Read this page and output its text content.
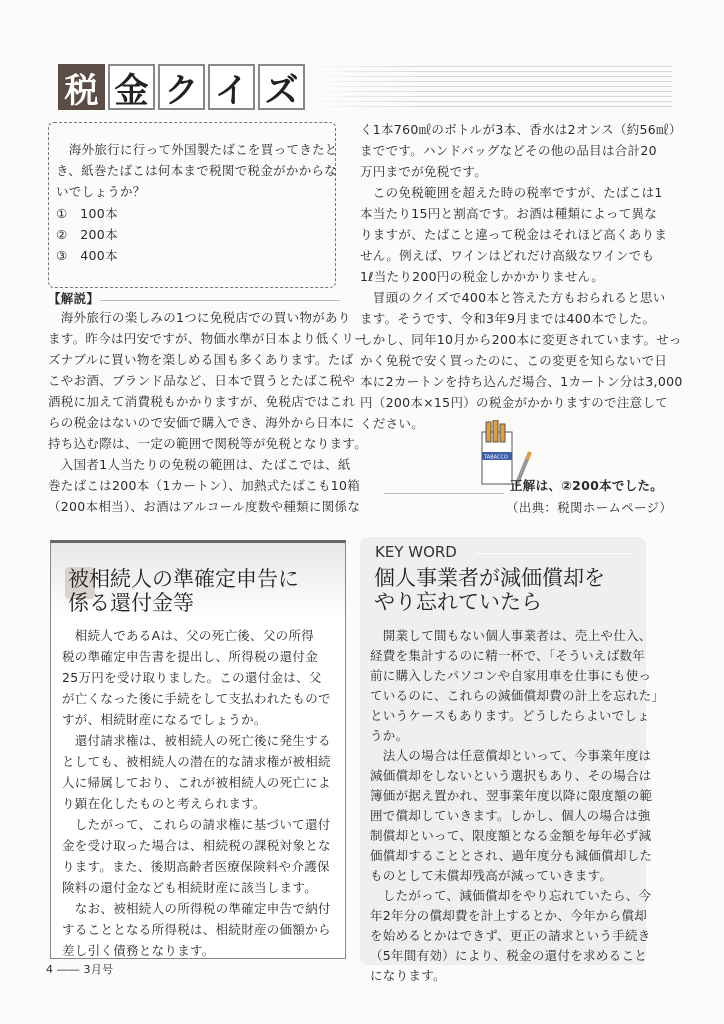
税 金 ク イ ズ
　海外旅行に行って外国製たばこを買ってきたと
き、紙巻たばこは何本まで税関で税金がかからな
いでしょうか？
①　100本
②　200本
③　400本
【解説】
　海外旅行の楽しみの1つに免税店での買い物があり
ます。昨今は円安ですが、物価水準が日本より低くリー
ズナブルに買い物を楽しめる国も多くあります。たば
こやお酒、ブランド品など、日本で買うとたばこ税や
酒税に加えて消費税もかかりますが、免税店ではこれ
らの税金はないので安価で購入でき、海外から日本に
持ち込む際は、一定の範囲で関税等が免税となります。
　入国者1人当たりの免税の範囲は、たばこでは、紙
巻たばこは200本（1カートン）、加熱式たばこも10箱
（200本相当）、お酒はアルコール度数や種類に関係な
く1本760㎖のボトルが3本、香水は2オンス（約56㎖）
までです。ハンドバッグなどその他の品目は合計20
万円までが免税です。
　この免税範囲を超えた時の税率ですが、たばこは1
本当たり15円と割高です。お酒は種類によって異な
りますが、たばこと違って税金はそれほど高くありま
せん。例えば、ワインはどれだけ高級なワインでも
1ℓ当たり200円の税金しかかかりません。
　冒頭のクイズで400本と答えた方もおられると思い
ます。そうです、令和3年9月までは400本でした。
しかし、同年10月から200本に変更されています。せっ
かく免税で安く買ったのに、この変更を知らないで日
本に2カートンを持ち込んだ場合、1カートン分は3,000
円（200本×15円）の税金がかかりますので注意して
ください。
TABACCO
正解は、②200本でした。
（出典：税関ホームページ）
被相続人の準確定申告に
係る還付金等
　相続人であるAは、父の死亡後、父の所得
税の準確定申告書を提出し、所得税の還付金
25万円を受け取りました。この還付金は、父
が亡くなった後に手続をして支払われたもので
すが、相続財産になるでしょうか。
　還付請求権は、被相続人の死亡後に発生する
としても、被相続人の潜在的な請求権が被相続
人に帰属しており、これが被相続人の死亡によ
り顕在化したものと考えられます。
　したがって、これらの請求権に基づいて還付
金を受け取った場合は、相続税の課税対象とな
ります。また、後期高齢者医療保険料や介護保
険料の還付金なども相続財産に該当します。
　なお、被相続人の所得税の準確定申告で納付
することとなる所得税は、相続財産の価額から
差し引く債務となります。
KEY WORD
個人事業者が減価償却を
やり忘れていたら
　開業して間もない個人事業者は、売上や仕入、
経費を集計するのに精一杯で、「そういえば数年
前に購入したパソコンや自家用車を仕事にも使っ
ているのに、これらの減価償却費の計上を忘れた」
というケースもあります。どうしたらよいでしょ
うか。
　法人の場合は任意償却といって、今事業年度は
減価償却をしないという選択もあり、その場合は
簿価が据え置かれ、翌事業年度以降に限度額の範
囲で償却していきます。しかし、個人の場合は強
制償却といって、限度額となる金額を毎年必ず減
価償却することとされ、過年度分も減価償却した
ものとして未償却残高が減っていきます。
　したがって、減価償却をやり忘れていたら、今
年2年分の償却費を計上するとか、今年から償却
を始めるとかはできず、更正の請求という手続き
（5年間有効）により、税金の還付を求めること
になります。
4 ―― 3月号
